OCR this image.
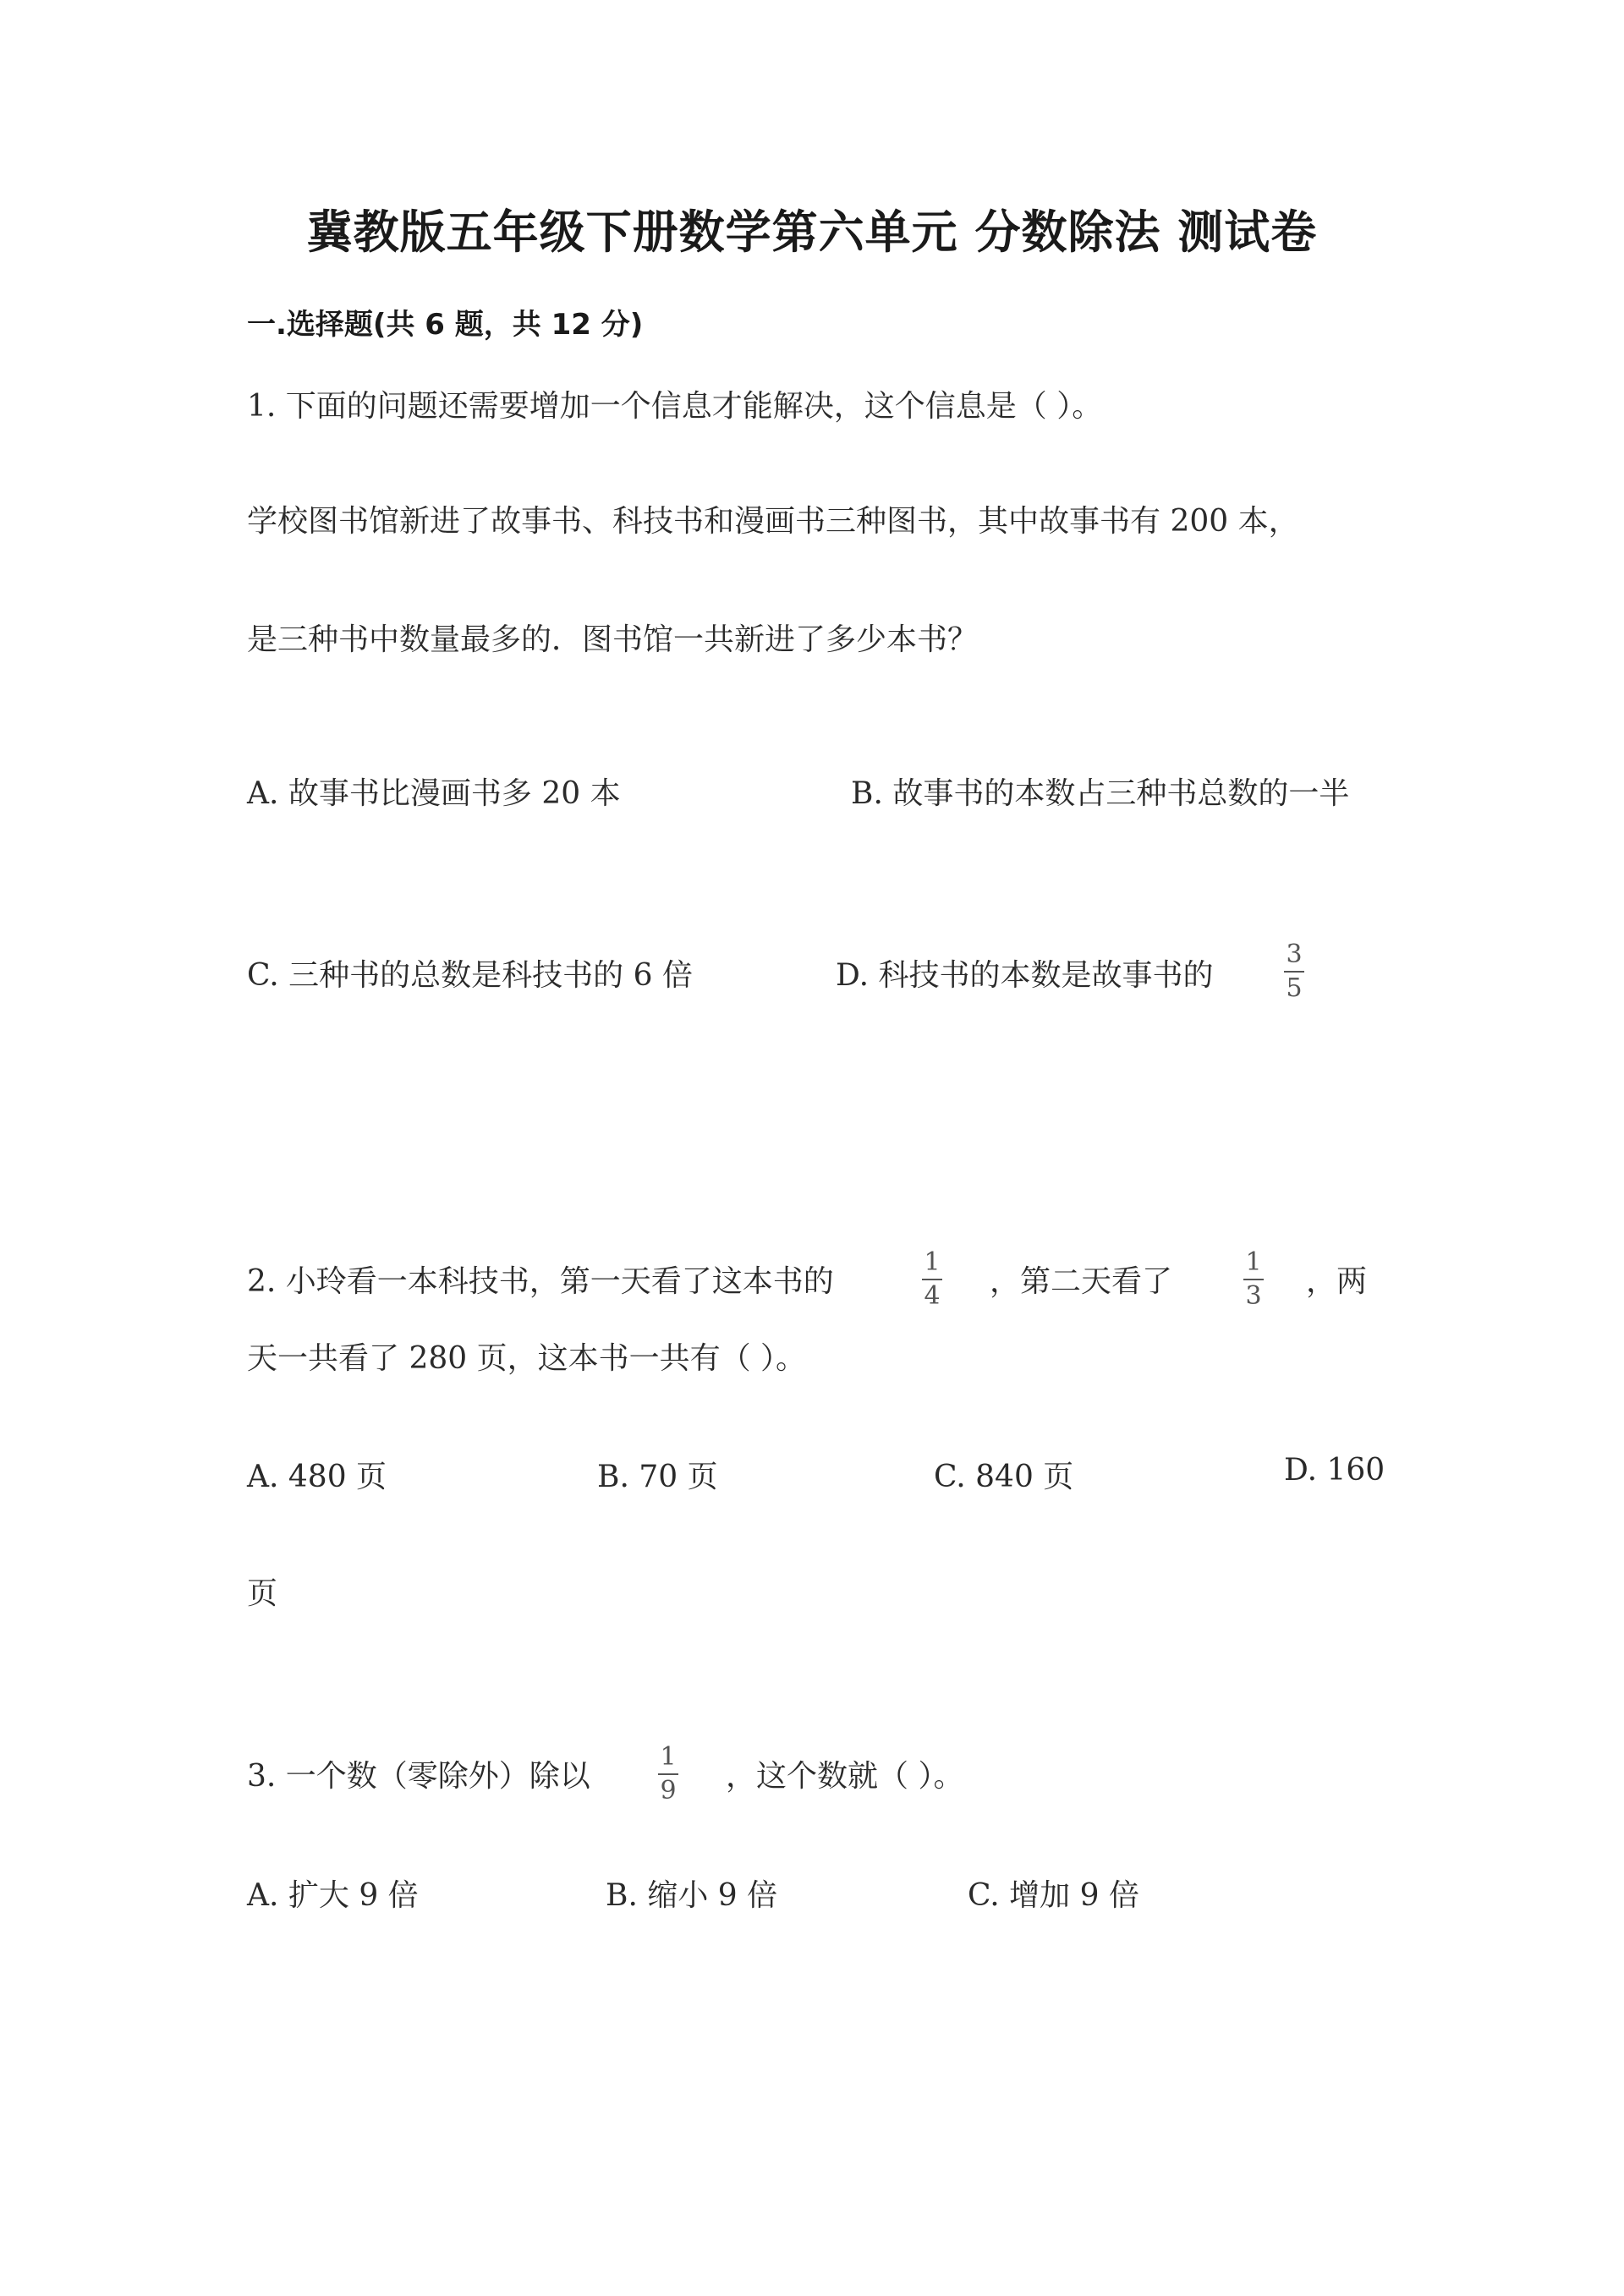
冀教版五年级下册数学第六单元 分数除法 测试卷
一.选择题(共 6 题，共 12 分)
1. 下面的问题还需要增加一个信息才能解决，这个信息是（ ）。
学校图书馆新进了故事书、科技书和漫画书三种图书，其中故事书有 200 本，
是三种书中数量最多的．图书馆一共新进了多少本书？
A. 故事书比漫画书多 20 本	B. 故事书的本数占三种书总数的一半
C. 三种书的总数是科技书的 6 倍	D. 科技书的本数是故事书的
3
5
2. 小玲看一本科技书，第一天看了这本书的
1
4 ，第二天看了
1
3 ，两
天一共看了 280 页，这本书一共有（ ）。
A. 480 页	B. 70 页	C. 840 页	D. 160
页
3. 一个数（零除外）除以
1
9 ，这个数就（ ）。
A. 扩大 9 倍	B. 缩小 9 倍	C. 增加 9 倍
